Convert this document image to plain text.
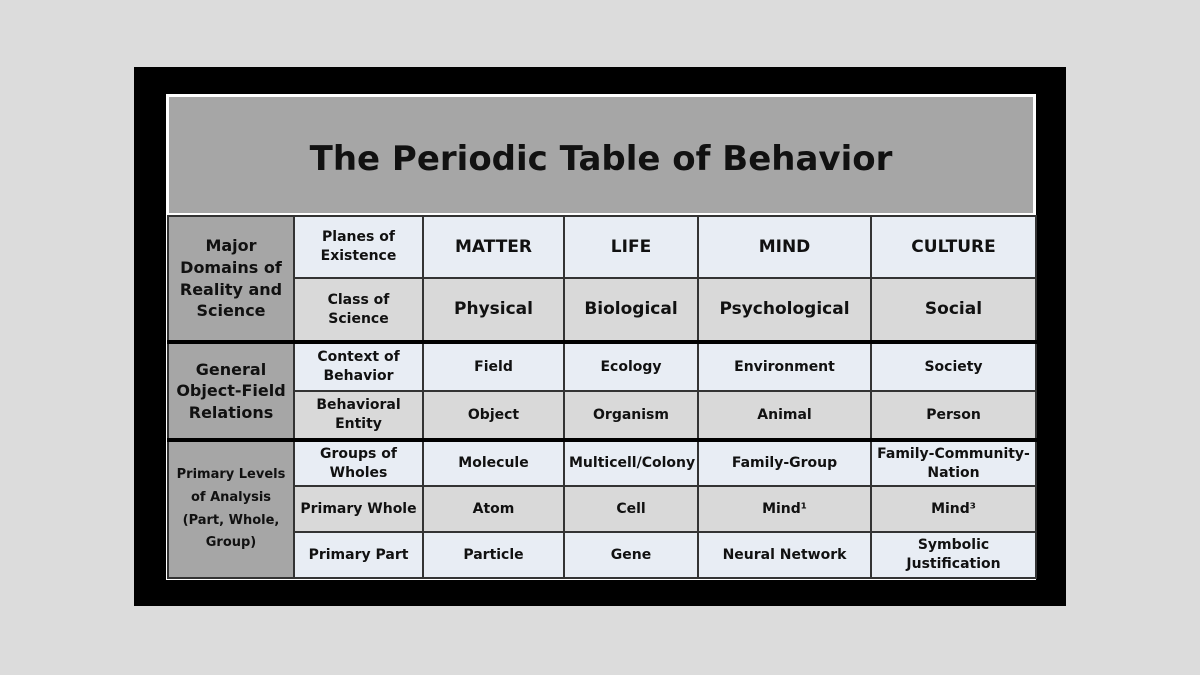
The Periodic Table of Behavior
Major Domains of Reality and Science	Planes of Existence	MATTER	LIFE	MIND	CULTURE
	Class of Science	Physical	Biological	Psychological	Social
General Object-Field Relations	Context of Behavior	Field	Ecology	Environment	Society
	Behavioral Entity	Object	Organism	Animal	Person
Primary Levels of Analysis (Part, Whole, Group)	Groups of Wholes	Molecule	Multicell/Colony	Family-Group	Family-Community-Nation
	Primary Whole	Atom	Cell	Mind¹	Mind³
	Primary Part	Particle	Gene	Neural Network	Symbolic Justification
